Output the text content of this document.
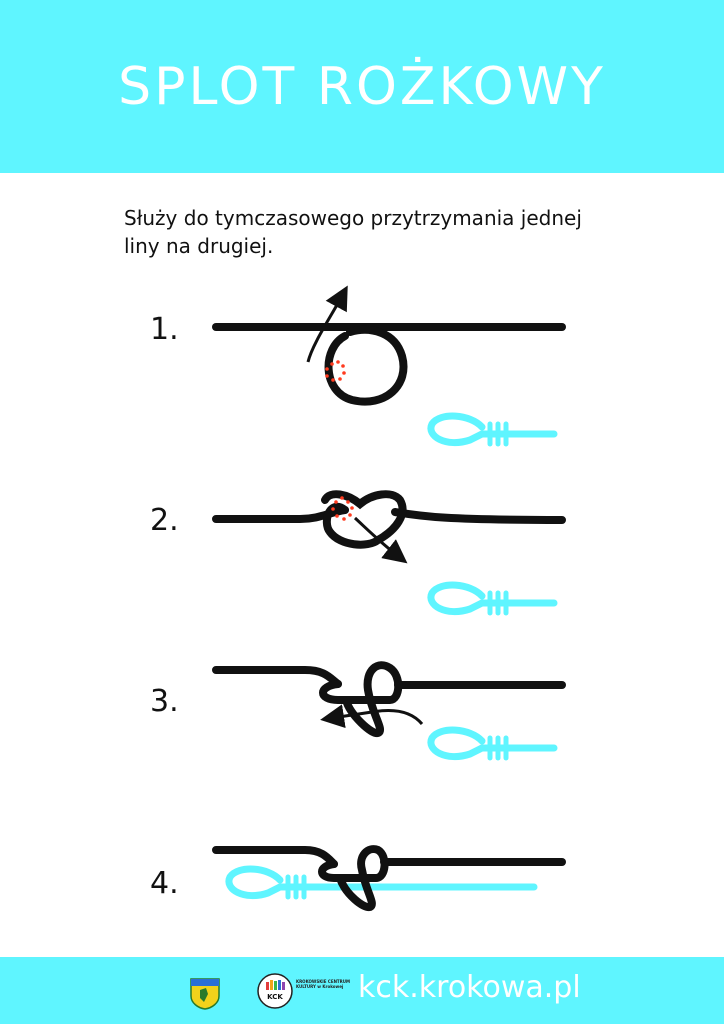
SPLOT ROŻKOWY

Służy do tymczasowego przytrzymania jednej

liny na drugiej.

1.
2.
3.
4.
KCK
KROKOWSKIE CENTRUM KULTURY w Krokowej kck.krokowa.pl
